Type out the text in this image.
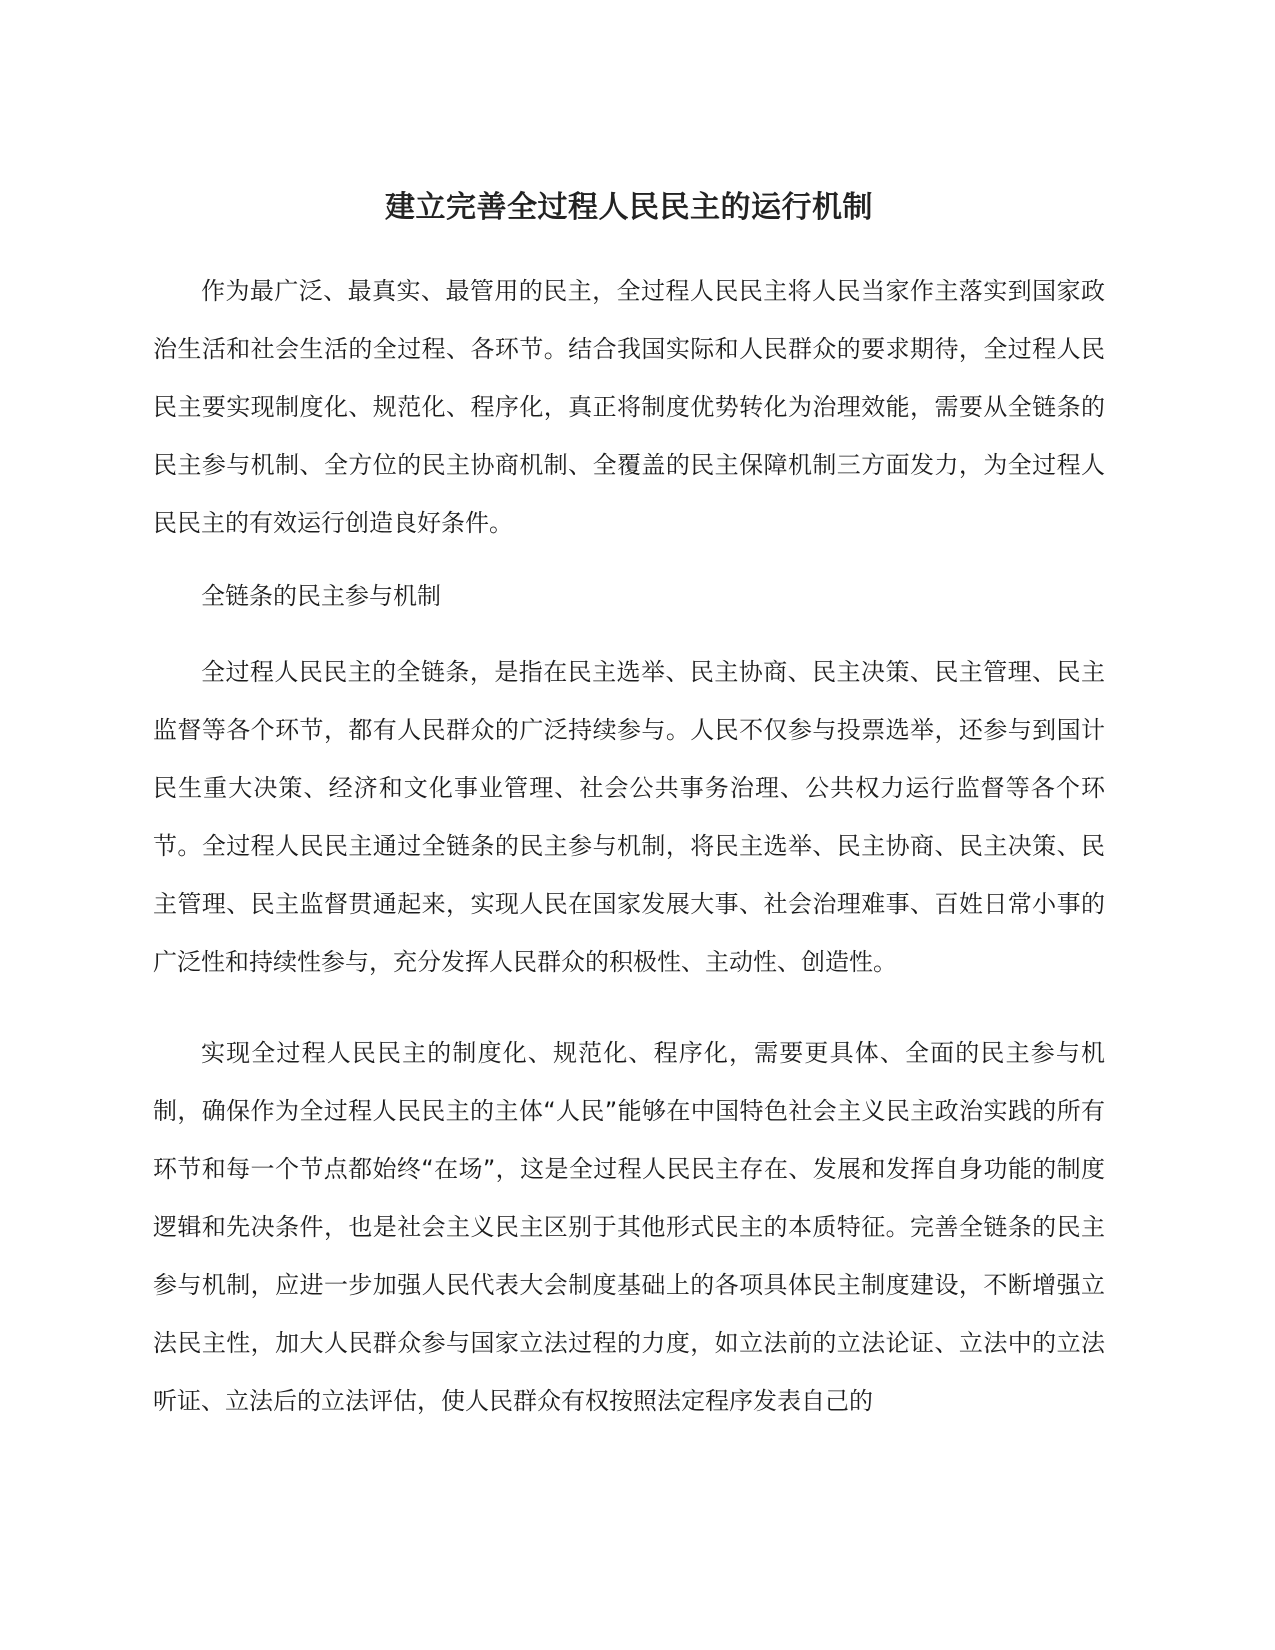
建立完善全过程人民民主的运行机制

作为最广泛、最真实、最管用的民主，全过程人民民主将人民当家作主落实到国家政治生活和社会生活的全过程、各环节。结合我国实际和人民群众的要求期待，全过程人民民主要实现制度化、规范化、程序化，真正将制度优势转化为治理效能，需要从全链条的民主参与机制、全方位的民主协商机制、全覆盖的民主保障机制三方面发力，为全过程人民民主的有效运行创造良好条件。

全链条的民主参与机制

全过程人民民主的全链条，是指在民主选举、民主协商、民主决策、民主管理、民主监督等各个环节，都有人民群众的广泛持续参与。人民不仅参与投票选举，还参与到国计民生重大决策、经济和文化事业管理、社会公共事务治理、公共权力运行监督等各个环节。全过程人民民主通过全链条的民主参与机制，将民主选举、民主协商、民主决策、民主管理、民主监督贯通起来，实现人民在国家发展大事、社会治理难事、百姓日常小事的广泛性和持续性参与，充分发挥人民群众的积极性、主动性、创造性。

实现全过程人民民主的制度化、规范化、程序化，需要更具体、全面的民主参与机制，确保作为全过程人民民主的主体“人民”能够在中国特色社会主义民主政治实践的所有环节和每一个节点都始终“在场”，这是全过程人民民主存在、发展和发挥自身功能的制度逻辑和先决条件，也是社会主义民主区别于其他形式民主的本质特征。完善全链条的民主参与机制，应进一步加强人民代表大会制度基础上的各项具体民主制度建设，不断增强立法民主性，加大人民群众参与国家立法过程的力度，如立法前的立法论证、立法中的立法听证、立法后的立法评估，使人民群众有权按照法定程序发表自己的
